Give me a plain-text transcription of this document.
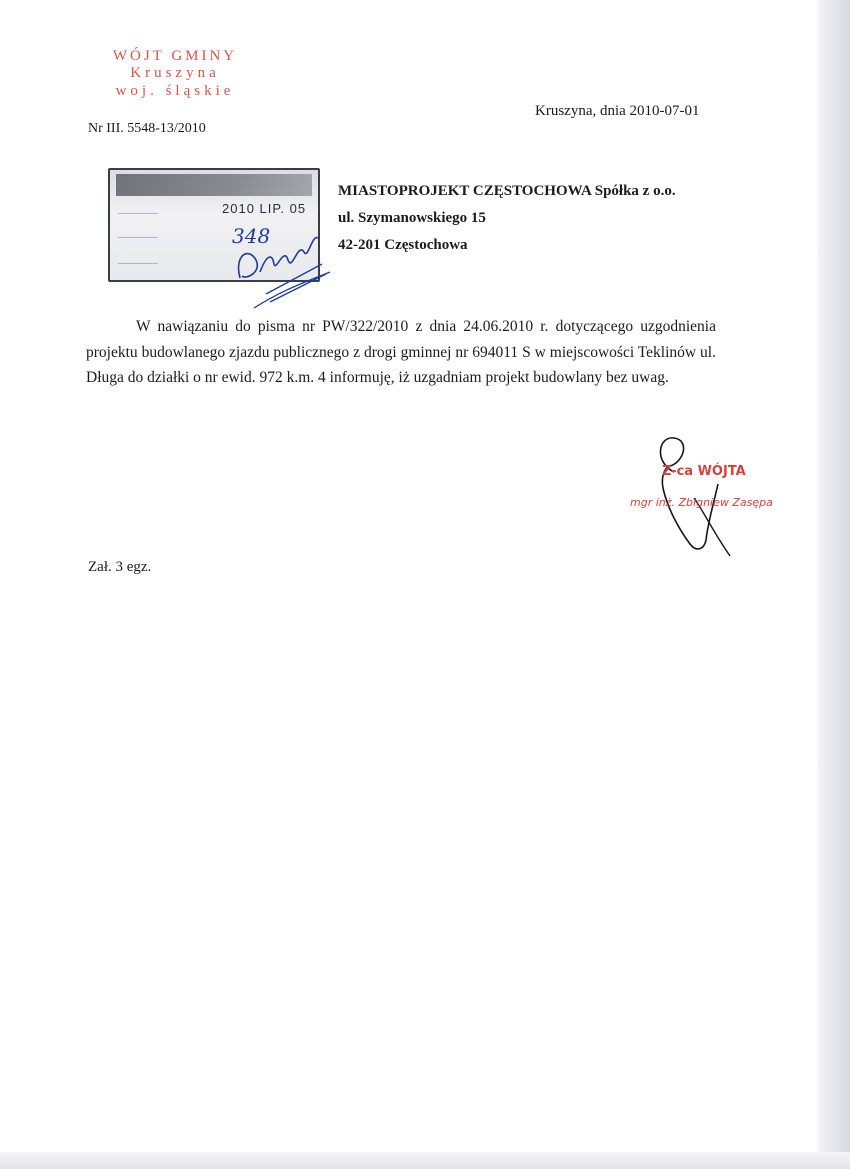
WÓJT GMINY
Kruszyna
woj. śląskie
Nr III. 5548-13/2010
Kruszyna, dnia 2010-07-01
————
————
————
2010 LIP. 05
348
MIASTOPROJEKT CZĘSTOCHOWA Spółka z o.o.
ul. Szymanowskiego 15
42-201 Częstochowa
W nawiązaniu do pisma nr PW/322/2010 z dnia 24.06.2010 r. dotyczącego uzgodnienia projektu budowlanego zjazdu publicznego z drogi gminnej nr 694011 S w miejscowości Teklinów ul. Długa do działki o nr ewid. 972 k.m. 4 informuję, iż uzgadniam projekt budowlany bez uwag.
Z-ca WÓJTA
mgr inż. Zbigniew Zasępa
Zał. 3 egz.
